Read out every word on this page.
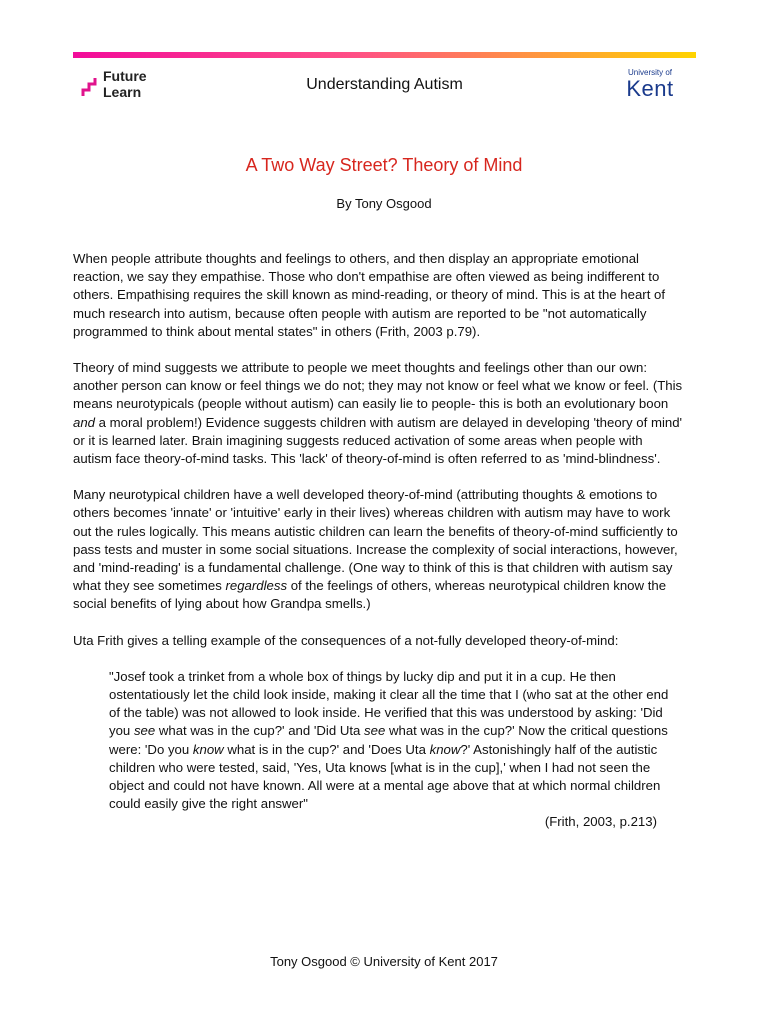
Future
Learn	Understanding Autism
University of
Kent
A Two Way Street? Theory of Mind
By Tony Osgood

When people attribute thoughts and feelings to others, and then display an appropriate emotional reaction, we say they empathise. Those who don't empathise are often viewed as being indifferent to others. Empathising requires the skill known as mind-reading, or theory of mind. This is at the heart of much research into autism, because often people with autism are reported to be "not automatically programmed to think about mental states" in others (Frith, 2003 p.79).

Theory of mind suggests we attribute to people we meet thoughts and feelings other than our own: another person can know or feel things we do not; they may not know or feel what we know or feel. (This means neurotypicals (people without autism) can easily lie to people- this is both an evolutionary boon and a moral problem!) Evidence suggests children with autism are delayed in developing 'theory of mind' or it is learned later. Brain imagining suggests reduced activation of some areas when people with autism face theory-of-mind tasks. This 'lack' of theory-of-mind is often referred to as 'mind-blindness'.

Many neurotypical children have a well developed theory-of-mind (attributing thoughts & emotions to others becomes 'innate' or 'intuitive' early in their lives) whereas children with autism may have to work out the rules logically. This means autistic children can learn the benefits of theory-of-mind sufficiently to pass tests and muster in some social situations. Increase the complexity of social interactions, however, and 'mind-reading' is a fundamental challenge. (One way to think of this is that children with autism say what they see sometimes regardless of the feelings of others, whereas neurotypical children know the social benefits of lying about how Grandpa smells.)

Uta Frith gives a telling example of the consequences of a not-fully developed theory-of-mind:

"Josef took a trinket from a whole box of things by lucky dip and put it in a cup. He then ostentatiously let the child look inside, making it clear all the time that I (who sat at the other end of the table) was not allowed to look inside. He verified that this was understood by asking: 'Did you see what was in the cup?' and 'Did Uta see what was in the cup?' Now the critical questions were: 'Do you know what is in the cup?' and 'Does Uta know?' Astonishingly half of the autistic children who were tested, said, 'Yes, Uta knows [what is in the cup],' when I had not seen the object and could not have known. All were at a mental age above that at which normal children could easily give the right answer"
(Frith, 2003, p.213)
Tony Osgood © University of Kent 2017
